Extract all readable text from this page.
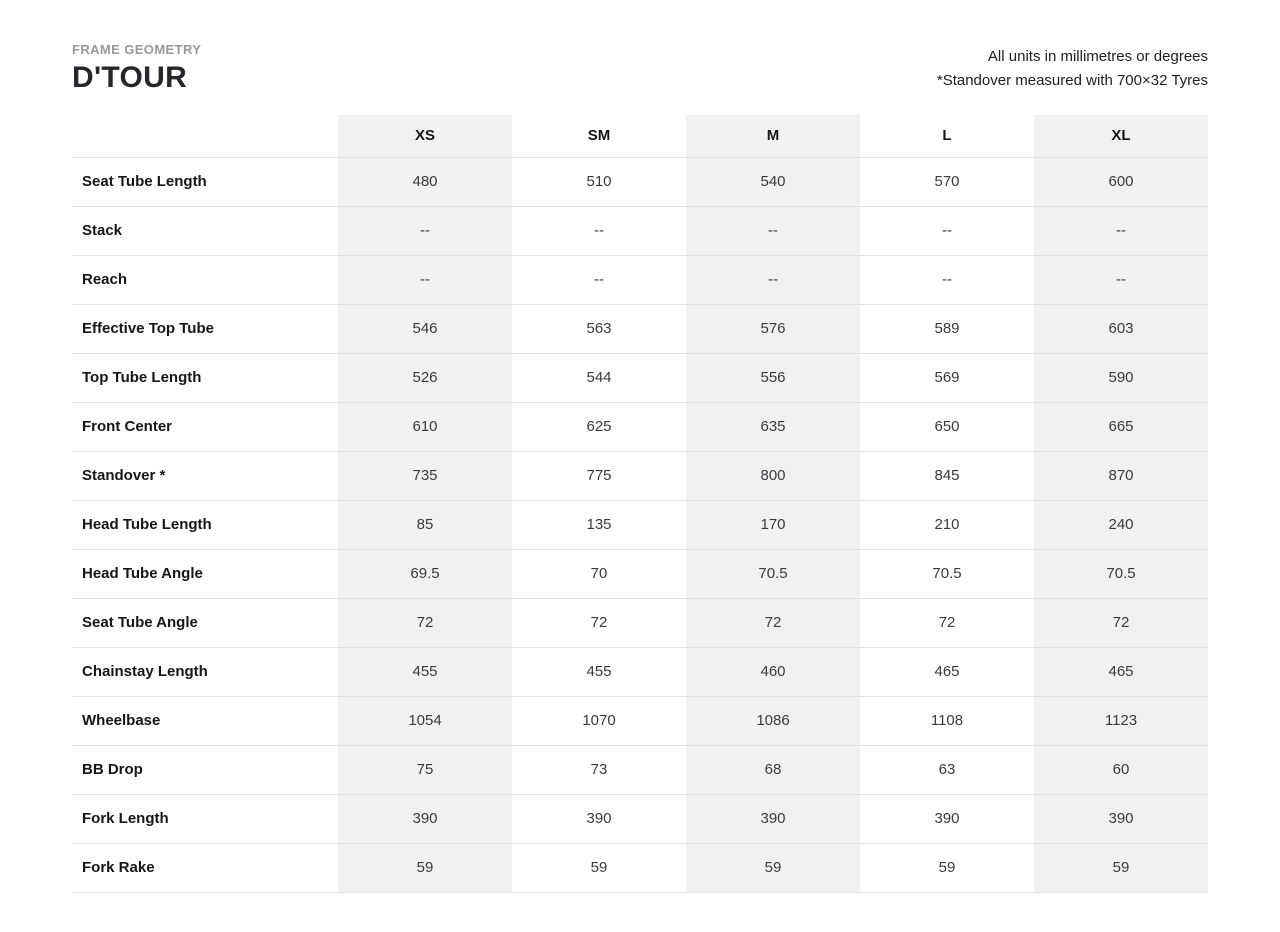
FRAME GEOMETRY
D'TOUR
All units in millimetres or degrees
*Standover measured with 700×32 Tyres
	XS	SM	M	L	XL
Seat Tube Length	480	510	540	570	600
Stack	--	--	--	--	--
Reach	--	--	--	--	--
Effective Top Tube	546	563	576	589	603
Top Tube Length	526	544	556	569	590
Front Center	610	625	635	650	665
Standover *	735	775	800	845	870
Head Tube Length	85	135	170	210	240
Head Tube Angle	69.5	70	70.5	70.5	70.5
Seat Tube Angle	72	72	72	72	72
Chainstay Length	455	455	460	465	465
Wheelbase	1054	1070	1086	1108	1123
BB Drop	75	73	68	63	60
Fork Length	390	390	390	390	390
Fork Rake	59	59	59	59	59
